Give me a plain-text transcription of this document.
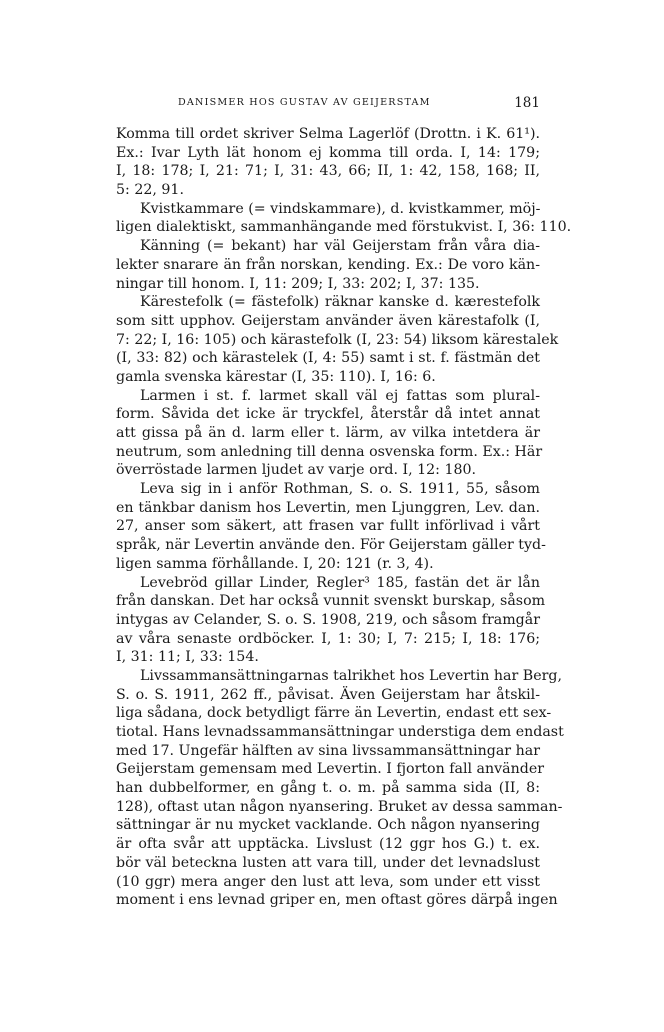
DANISMER HOS GUSTAV AV GEIJERSTAM	181
Komma till ordet skriver Selma Lagerlöf (Drottn. i K. 61¹).
Ex.: Ivar Lyth lät honom ej komma till orda. I, 14: 179;
I, 18: 178; I, 21: 71; I, 31: 43, 66; II, 1: 42, 158, 168; II,
5: 22, 91.
Kvistkammare (= vindskammare), d. kvistkammer, möj-
ligen dialektiskt, sammanhängande med förstukvist. I, 36: 110.
Känning (= bekant) har väl Geijerstam från våra dia-
lekter snarare än från norskan, kending. Ex.: De voro kän-
ningar till honom. I, 11: 209; I, 33: 202; I, 37: 135.
Kärestefolk (= fästefolk) räknar kanske d. kærestefolk
som sitt upphov. Geijerstam använder även kärestafolk (I,
7: 22; I, 16: 105) och kärastefolk (I, 23: 54) liksom kärestalek
(I, 33: 82) och kärastelek (I, 4: 55) samt i st. f. fästmän det
gamla svenska kärestar (I, 35: 110). I, 16: 6.
Larmen i st. f. larmet skall väl ej fattas som plural-
form. Såvida det icke är tryckfel, återstår då intet annat
att gissa på än d. larm eller t. lärm, av vilka intetdera är
neutrum, som anledning till denna osvenska form. Ex.: Här
överröstade larmen ljudet av varje ord. I, 12: 180.
Leva sig in i anför Rothman, S. o. S. 1911, 55, såsom
en tänkbar danism hos Levertin, men Ljunggren, Lev. dan.
27, anser som säkert, att frasen var fullt införlivad i vårt
språk, när Levertin använde den. För Geijerstam gäller tyd-
ligen samma förhållande. I, 20: 121 (r. 3, 4).
Levebröd gillar Linder, Regler³ 185, fastän det är lån
från danskan. Det har också vunnit svenskt burskap, såsom
intygas av Celander, S. o. S. 1908, 219, och såsom framgår
av våra senaste ordböcker. I, 1: 30; I, 7: 215; I, 18: 176;
I, 31: 11; I, 33: 154.
Livssammansättningarnas talrikhet hos Levertin har Berg,
S. o. S. 1911, 262 ff., påvisat. Även Geijerstam har åtskil-
liga sådana, dock betydligt färre än Levertin, endast ett sex-
tiotal. Hans levnadssammansättningar understiga dem endast
med 17. Ungefär hälften av sina livssammansättningar har
Geijerstam gemensam med Levertin. I fjorton fall använder
han dubbelformer, en gång t. o. m. på samma sida (II, 8:
128), oftast utan någon nyansering. Bruket av dessa samman-
sättningar är nu mycket vacklande. Och någon nyansering
är ofta svår att upptäcka. Livslust (12 ggr hos G.) t. ex.
bör väl beteckna lusten att vara till, under det levnadslust
(10 ggr) mera anger den lust att leva, som under ett visst
moment i ens levnad griper en, men oftast göres därpå ingen
